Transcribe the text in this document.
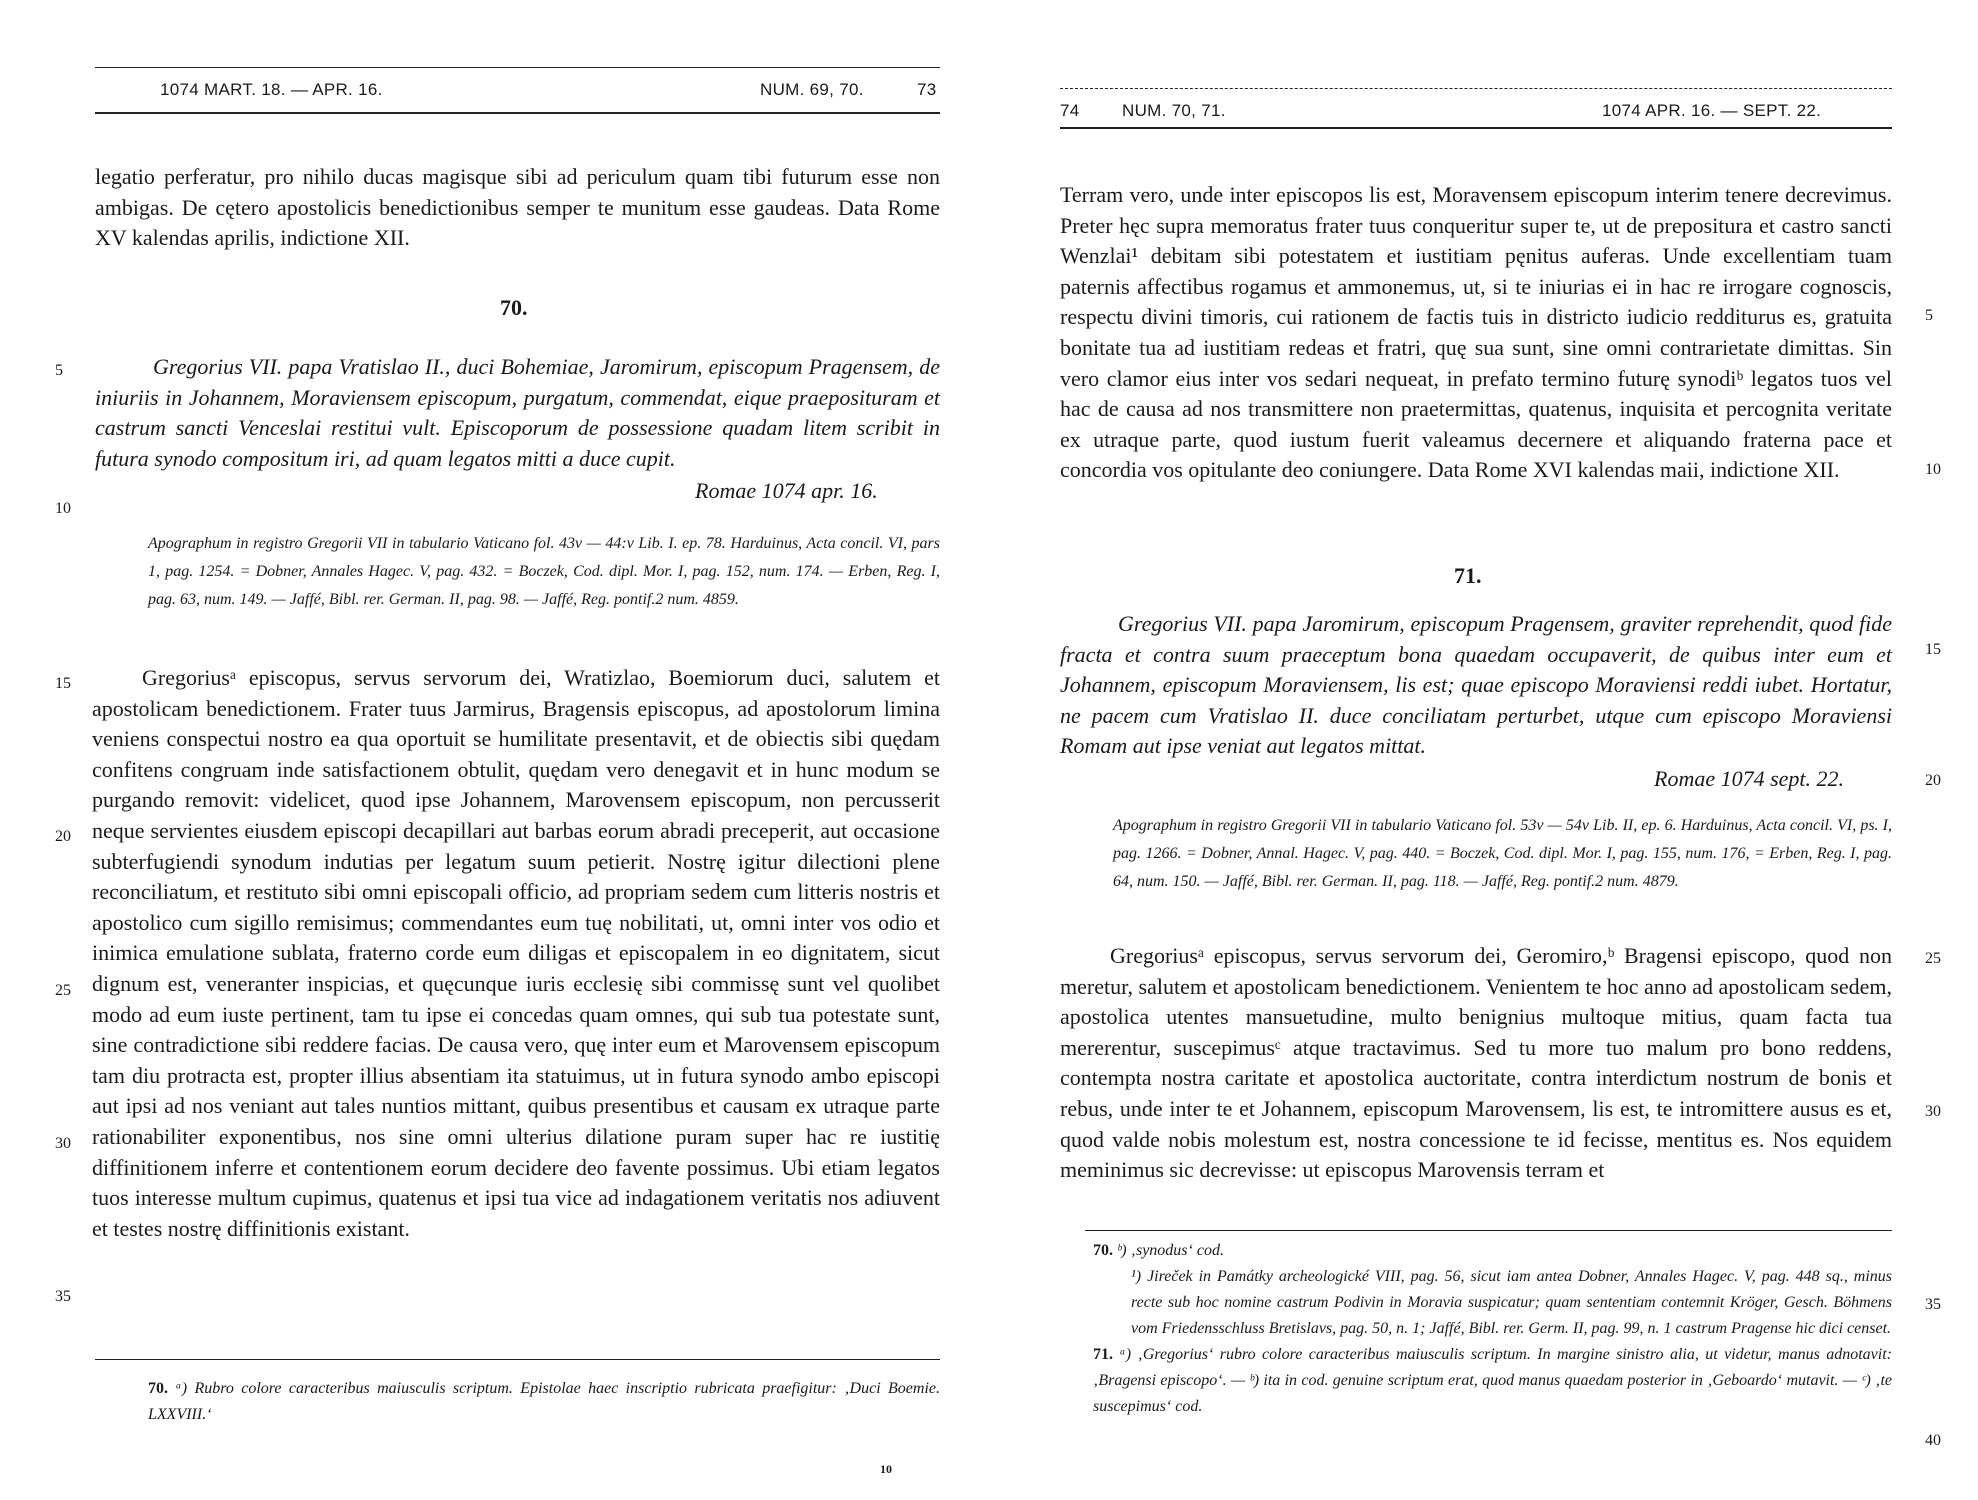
1074 MART. 18. — APR. 16.	NUM. 69, 70.	73

legatio perferatur, pro nihilo ducas magisque sibi ad periculum quam tibi futurum esse non ambigas. De cętero apostolicis benedictionibus semper te munitum esse gaudeas. Data Rome XV kalendas aprilis, indictione XII.

70.
Gregorius VII. papa Vratislao II., duci Bohemiae, Jaromirum, episcopum Pragensem, de iniuriis in Johannem, Moraviensem episcopum, purgatum, commendat, eique praeposituram et castrum sancti Venceslai restitui vult. Episcoporum de possessione quadam litem scribit in futura synodo compositum iri, ad quam legatos mitti a duce cupit.
Romae 1074 apr. 16.
Apographum in registro Gregorii VII in tabulario Vaticano fol. 43v — 44:v Lib. I. ep. 78. Harduinus, Acta concil. VI, pars 1, pag. 1254. = Dobner, Annales Hagec. V, pag. 432. = Boczek, Cod. dipl. Mor. I, pag. 152, num. 174. — Erben, Reg. I, pag. 63, num. 149. — Jaffé, Bibl. rer. German. II, pag. 98. — Jaffé, Reg. pontif.2 num. 4859.

Gregoriusᵃ episcopus, servus servorum dei, Wratizlao, Boemiorum duci, salutem et apostolicam benedictionem. Frater tuus Jarmirus, Bragensis episcopus, ad apostolorum limina veniens conspectui nostro ea qua oportuit se humilitate presentavit, et de obiectis sibi quędam confitens congruam inde satisfactionem obtulit, quędam vero denegavit et in hunc modum se purgando removit: videlicet, quod ipse Johannem, Marovensem episcopum, non percusserit neque servientes eiusdem episcopi decapillari aut barbas eorum abradi preceperit, aut occasione subterfugiendi synodum indutias per legatum suum petierit. Nostrę igitur dilectioni plene reconciliatum, et restituto sibi omni episcopali officio, ad propriam sedem cum litteris nostris et apostolico cum sigillo remisimus; commendantes eum tuę nobilitati, ut, omni inter vos odio et inimica emulatione sublata, fraterno corde eum diligas et episcopalem in eo dignitatem, sicut dignum est, veneranter inspicias, et quęcunque iuris ecclesię sibi commissę sunt vel quolibet modo ad eum iuste pertinent, tam tu ipse ei concedas quam omnes, qui sub tua potestate sunt, sine contradictione sibi reddere facias. De causa vero, quę inter eum et Marovensem episcopum tam diu protracta est, propter illius absentiam ita statuimus, ut in futura synodo ambo episcopi aut ipsi ad nos veniant aut tales nuntios mittant, quibus presentibus et causam ex utraque parte rationabiliter exponentibus, nos sine omni ulterius dilatione puram super hac re iustitię diffinitionem inferre et contentionem eorum decidere deo favente possimus. Ubi etiam legatos tuos interesse multum cupimus, quatenus et ipsi tua vice ad indagationem veritatis nos adiuvent et testes nostrę diffinitionis existant.

70. ᵃ) Rubro colore caracteribus maiusculis scriptum. Epistolae haec inscriptio rubricata praefigitur: ‚Duci Boemie. LXXVIII.‘

5
10
15
20
25
30
35
10
74 NUM. 70, 71.	1074 APR. 16. — SEPT. 22.

Terram vero, unde inter episcopos lis est, Moravensem episcopum interim tenere decrevimus. Preter hęc supra memoratus frater tuus conqueritur super te, ut de prepositura et castro sancti Wenzlai¹ debitam sibi potestatem et iustitiam pęnitus auferas. Unde excellentiam tuam paternis affectibus rogamus et ammonemus, ut, si te iniurias ei in hac re irrogare cognoscis, respectu divini timoris, cui rationem de factis tuis in districto iudicio redditurus es, gratuita bonitate tua ad iustitiam redeas et fratri, quę sua sunt, sine omni contrarietate dimittas. Sin vero clamor eius inter vos sedari nequeat, in prefato termino futurę synodiᵇ legatos tuos vel hac de causa ad nos transmittere non praetermittas, quatenus, inquisita et percognita veritate ex utraque parte, quod iustum fuerit valeamus decernere et aliquando fraterna pace et concordia vos opitulante deo coniungere. Data Rome XVI kalendas maii, indictione XII.

71.
Gregorius VII. papa Jaromirum, episcopum Pragensem, graviter reprehendit, quod fide fracta et contra suum praeceptum bona quaedam occupaverit, de quibus inter eum et Johannem, episcopum Moraviensem, lis est; quae episcopo Moraviensi reddi iubet. Hortatur, ne pacem cum Vratislao II. duce conciliatam perturbet, utque cum episcopo Moraviensi Romam aut ipse veniat aut legatos mittat.
Romae 1074 sept. 22.
Apographum in registro Gregorii VII in tabulario Vaticano fol. 53v — 54v Lib. II, ep. 6. Harduinus, Acta concil. VI, ps. I, pag. 1266. = Dobner, Annal. Hagec. V, pag. 440. = Boczek, Cod. dipl. Mor. I, pag. 155, num. 176, = Erben, Reg. I, pag. 64, num. 150. — Jaffé, Bibl. rer. German. II, pag. 118. — Jaffé, Reg. pontif.2 num. 4879.

Gregoriusᵃ episcopus, servus servorum dei, Geromiro,ᵇ Bragensi episcopo, quod non meretur, salutem et apostolicam benedictionem. Venientem te hoc anno ad apostolicam sedem, apostolica utentes mansuetudine, multo benignius multoque mitius, quam facta tua mererentur, suscepimusᶜ atque tractavimus. Sed tu more tuo malum pro bono reddens, contempta nostra caritate et apostolica auctoritate, contra interdictum nostrum de bonis et rebus, unde inter te et Johannem, episcopum Marovensem, lis est, te intromittere ausus es et, quod valde nobis molestum est, nostra concessione te id fecisse, mentitus es. Nos equidem meminimus sic decrevisse: ut episcopus Marovensis terram et

70. ᵇ) ‚synodus‘ cod.

¹) Jireček in Památky archeologické VIII, pag. 56, sicut iam antea Dobner, Annales Hagec. V, pag. 448 sq., minus recte sub hoc nomine castrum Podivin in Moravia suspicatur; quam sententiam contemnit Kröger, Gesch. Böhmens vom Friedensschluss Bretislavs, pag. 50, n. 1; Jaffé, Bibl. rer. Germ. II, pag. 99, n. 1 castrum Pragense hic dici censet.

71. ᵃ) ‚Gregorius‘ rubro colore caracteribus maiusculis scriptum. In margine sinistro alia, ut videtur, manus adnotavit: ‚Bragensi episcopo‘. — ᵇ) ita in cod. genuine scriptum erat, quod manus quaedam posterior in ‚Geboardo‘ mutavit. — ᶜ) ‚te suscepimus‘ cod.

5
10
15
20
25
30
35
40
